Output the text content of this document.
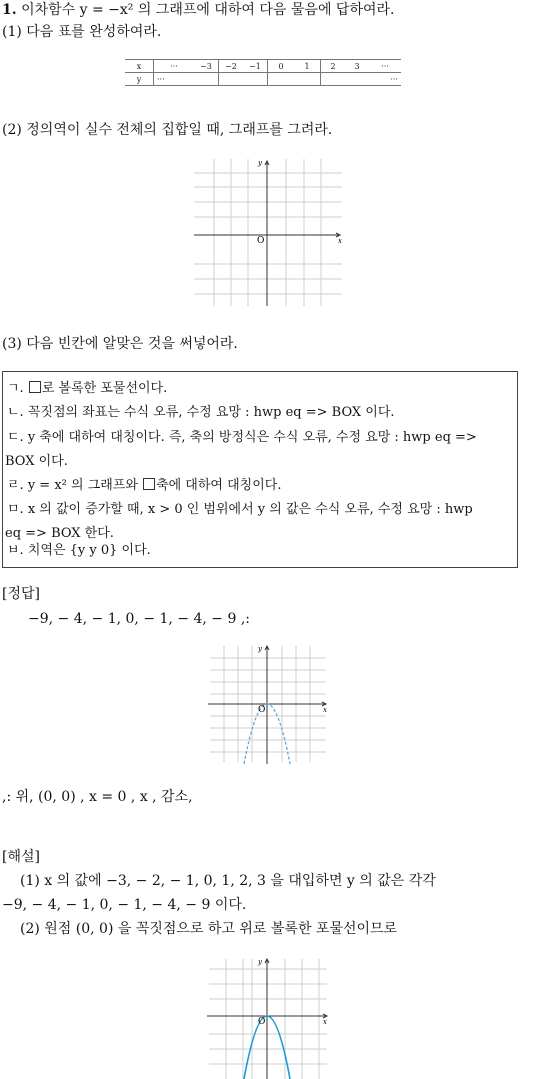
1. 이차함수 y = −x² 의 그래프에 대하여 다음 물음에 답하여라.
(1) 다음 표를 완성하여라.
x	···	−3	−2	−1	0	1	2	3	···
y	···								···
(2) 정의역이 실수 전체의 집합일 때, 그래프를 그려라.
y
x
O
(3) 다음 빈칸에 알맞은 것을 써넣어라.
ㄱ. 로 볼록한 포물선이다.
ㄴ. 꼭짓점의 좌표는 수식 오류, 수정 요망 : hwp eq => BOX 이다.
ㄷ. y 축에 대하여 대칭이다. 즉, 축의 방정식은 수식 오류, 수정 요망 : hwp eq =>
BOX 이다.
ㄹ. y = x² 의 그래프와 축에 대하여 대칭이다.
ㅁ. x 의 값이 증가할 때, x > 0 인 범위에서 y 의 값은 수식 오류, 수정 요망 : hwp
eq => BOX 한다.
ㅂ. 치역은 {y y 0} 이다.
[정답]
−9, − 4, − 1, 0, − 1, − 4, − 9 ,:
y
x
O
,: 위, (0, 0) , x = 0 , x , 감소,
[해설]
(1) x 의 값에 −3, − 2, − 1, 0, 1, 2, 3 을 대입하면 y 의 값은 각각
−9, − 4, − 1, 0, − 1, − 4, − 9 이다.
(2) 원점 (0, 0) 을 꼭짓점으로 하고 위로 볼록한 포물선이므로
y
x
O
